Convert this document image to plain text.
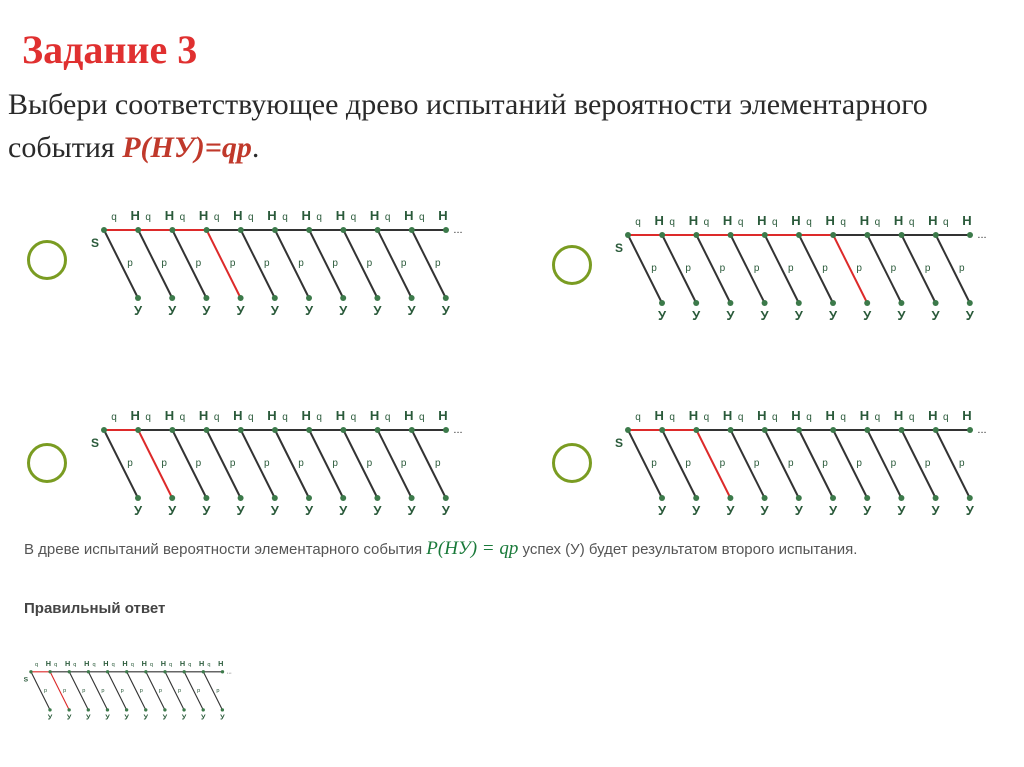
Задание 3
Выбери соответствующее древо испытаний вероятности элементарного события P(НУ)=qp.
...
S
q Н q Н q Н q Н q Н q Н q Н q Н q Н q Н
p
У
p
У
p
У
p
У
p
У
p
У
p
У
p
У
p
У
p
У
...
S
q Н q Н q Н q Н q Н q Н q Н q Н q Н q Н
p
У
p
У
p
У
p
У
p
У
p
У
p
У
p
У
p
У
p
У
...
S
q Н q Н q Н q Н q Н q Н q Н q Н q Н q Н
p
У
p
У
p
У
p
У
p
У
p
У
p
У
p
У
p
У
p
У
...
S
q Н q Н q Н q Н q Н q Н q Н q Н q Н q Н
p
У
p
У
p
У
p
У
p
У
p
У
p
У
p
У
p
У
p
У
В древе испытаний вероятности элементарного события P(НУ) = qp успех (У) будет результатом второго испытания.
Правильный ответ
...
S
q Н q Н q Н q Н q Н q Н q Н q Н q Н q Н
p
У
p
У
p
У
p
У
p
У
p
У
p
У
p
У
p
У
p
У
